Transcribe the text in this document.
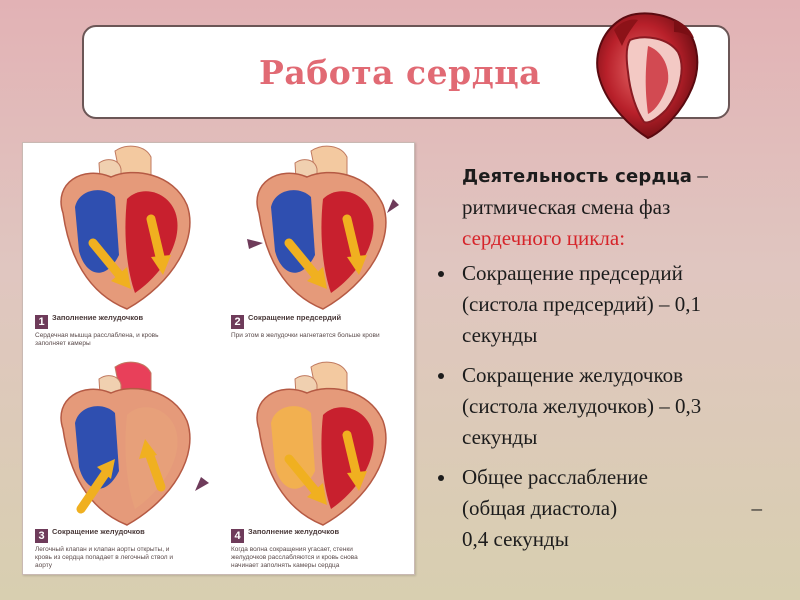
Работа сердца
1 Заполнение желудочков
Сердечная мышца расслаблена, и кровь заполняет камеры
2 Сокращение предсердий
При этом в желудочки нагнетается больше крови
3 Сокращение желудочков
Легочный клапан и клапан аорты открыты, и кровь из сердца попадает в легочный ствол и аорту
4 Заполнение желудочков
Когда волна сокращения угасает, стенки желудочков расслабляются и кровь снова начинает заполнять камеры сердца

Деятельность сердца – ритмическая смена фаз сердечного цикла:

Сокращение предсердий (систола предсердий) – 0,1 секунды
Сокращение желудочков (систола желудочков) – 0,3 секунды
Общее расслабление
(общая диастола)	–
0,4 секунды
